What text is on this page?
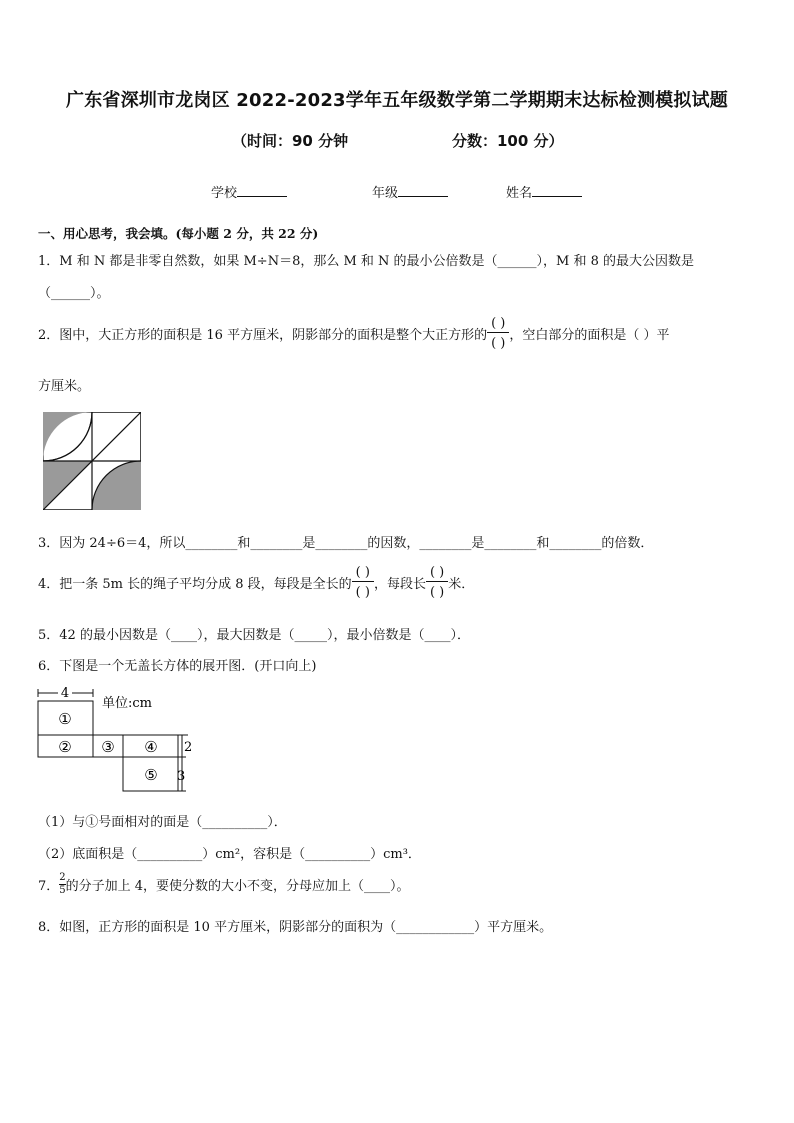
广东省深圳市龙岗区 2022-2023学年五年级数学第二学期期末达标检测模拟试题
（时间：90 分钟	分数：100 分）
学校	年级	姓名
一、用心思考，我会填。(每小题 2 分，共 22 分)
1．M 和 N 都是非零自然数，如果 M÷N＝8，那么 M 和 N 的最小公倍数是（______），M 和 8 的最大公因数是
（______）。
2．图中，大正方形的面积是 16 平方厘米，阴影部分的面积是整个大正方形的 $\frac{( )}{( )}$ ，空白部分的面积是（ ）平
方厘米。
3．因为 24÷6＝4，所以________和________是________的因数，________是________和________的倍数．
4．把一条 5m 长的绳子平均分成 8 段，每段是全长的 $\frac{( )}{( )}$ ，每段长 $\frac{( )}{( )}$ 米．
5．42 的最小因数是（____），最大因数是（_____），最小倍数是（____）．
6．下图是一个无盖长方体的展开图．(开口向上)
4
单位:cm
①
② ③ ④
⑤
2
3
（1）与①号面相对的面是（__________）．
（2）底面积是（__________）cm²，容积是（__________）cm³．
7． $\frac{2}{5}$ 的分子加上 4，要使分数的大小不变，分母应加上（____）。
8．如图，正方形的面积是 10 平方厘米，阴影部分的面积为（____________）平方厘米。
